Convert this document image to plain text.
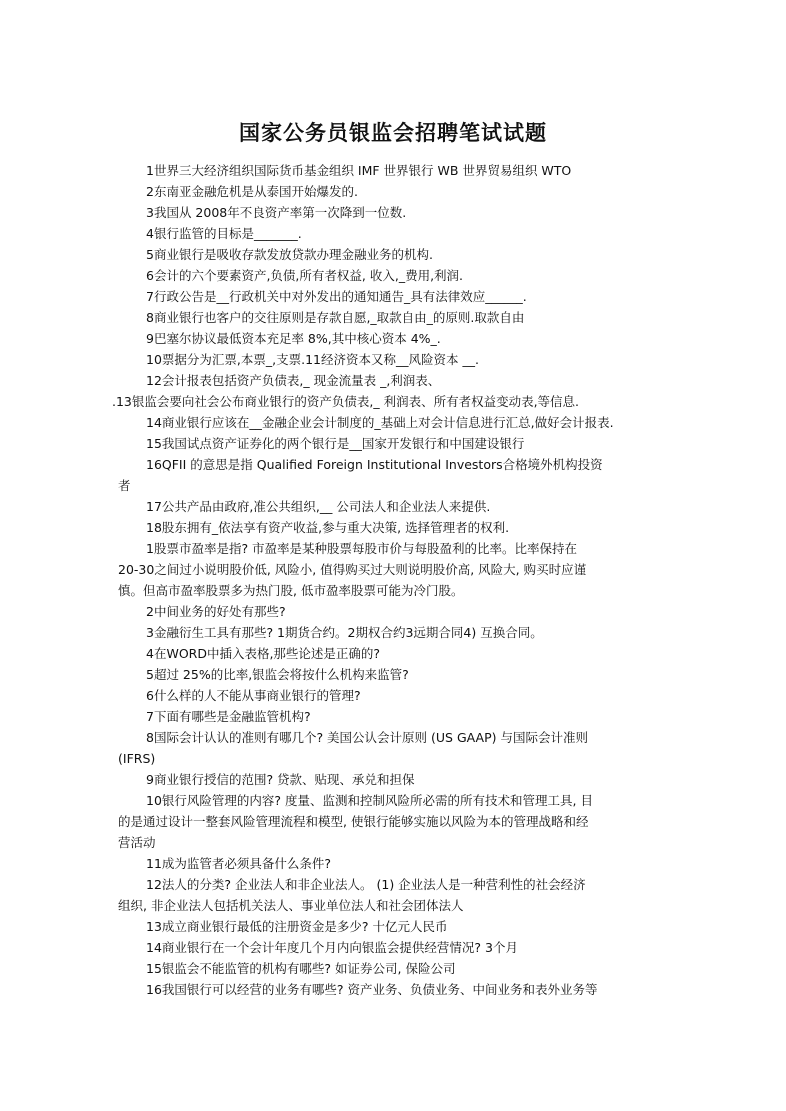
国家公务员银监会招聘笔试试题
1世界三大经济组织国际货币基金组织 IMF 世界银行 WB 世界贸易组织 WTO
2东南亚金融危机是从泰国开始爆发的.
3我国从 2008年不良资产率第一次降到一位数.
4银行监管的目标是_______.
5商业银行是吸收存款发放贷款办理金融业务的机构.
6会计的六个要素资产,负债,所有者权益, 收入,_费用,利润.
7行政公告是__行政机关中对外发出的通知通告_具有法律效应______.
8商业银行也客户的交往原则是存款自愿,_取款自由_的原则.取款自由
9巴塞尔协议最低资本充足率 8%,其中核心资本 4%_.
10票据分为汇票,本票_,支票.11经济资本又称__风险资本 __.
12会计报表包括资产负债表,_ 现金流量表 _,利润表、
.13银监会要向社会公布商业银行的资产负债表,_ 利润表、所有者权益变动表,等信息.
14商业银行应该在__金融企业会计制度的_基础上对会计信息进行汇总,做好会计报表.
15我国试点资产证券化的两个银行是__国家开发银行和中国建设银行
16QFII 的意思是指 Qualified Foreign Institutional Investors合格境外机构投资
者
17公共产品由政府,准公共组织,__ 公司法人和企业法人来提供.
18股东拥有_依法享有资产收益,参与重大决策, 选择管理者的权利.
1股票市盈率是指? 市盈率是某种股票每股市价与每股盈利的比率。比率保持在
20-30之间过小说明股价低, 风险小, 值得购买过大则说明股价高, 风险大, 购买时应谨
慎。但高市盈率股票多为热门股, 低市盈率股票可能为冷门股。
2中间业务的好处有那些?
3金融衍生工具有那些? 1期货合约。2期权合约3远期合同4) 互换合同。
4在WORD中插入表格,那些论述是正确的?
5超过 25%的比率,银监会将按什么机构来监管?
6什么样的人不能从事商业银行的管理?
7下面有哪些是金融监管机构?
8国际会计认认的准则有哪几个? 美国公认会计原则 (US GAAP) 与国际会计准则
(IFRS)
9商业银行授信的范围? 贷款、贴现、承兑和担保
10银行风险管理的内容? 度量、监测和控制风险所必需的所有技术和管理工具, 目
的是通过设计一整套风险管理流程和模型, 使银行能够实施以风险为本的管理战略和经
营活动
11成为监管者必须具备什么条件?
12法人的分类? 企业法人和非企业法人。 (1) 企业法人是一种营利性的社会经济
组织, 非企业法人包括机关法人、事业单位法人和社会团体法人
13成立商业银行最低的注册资金是多少? 十亿元人民币
14商业银行在一个会计年度几个月内向银监会提供经营情况? 3个月
15银监会不能监管的机构有哪些? 如证券公司, 保险公司
16我国银行可以经营的业务有哪些? 资产业务、负债业务、中间业务和表外业务等
